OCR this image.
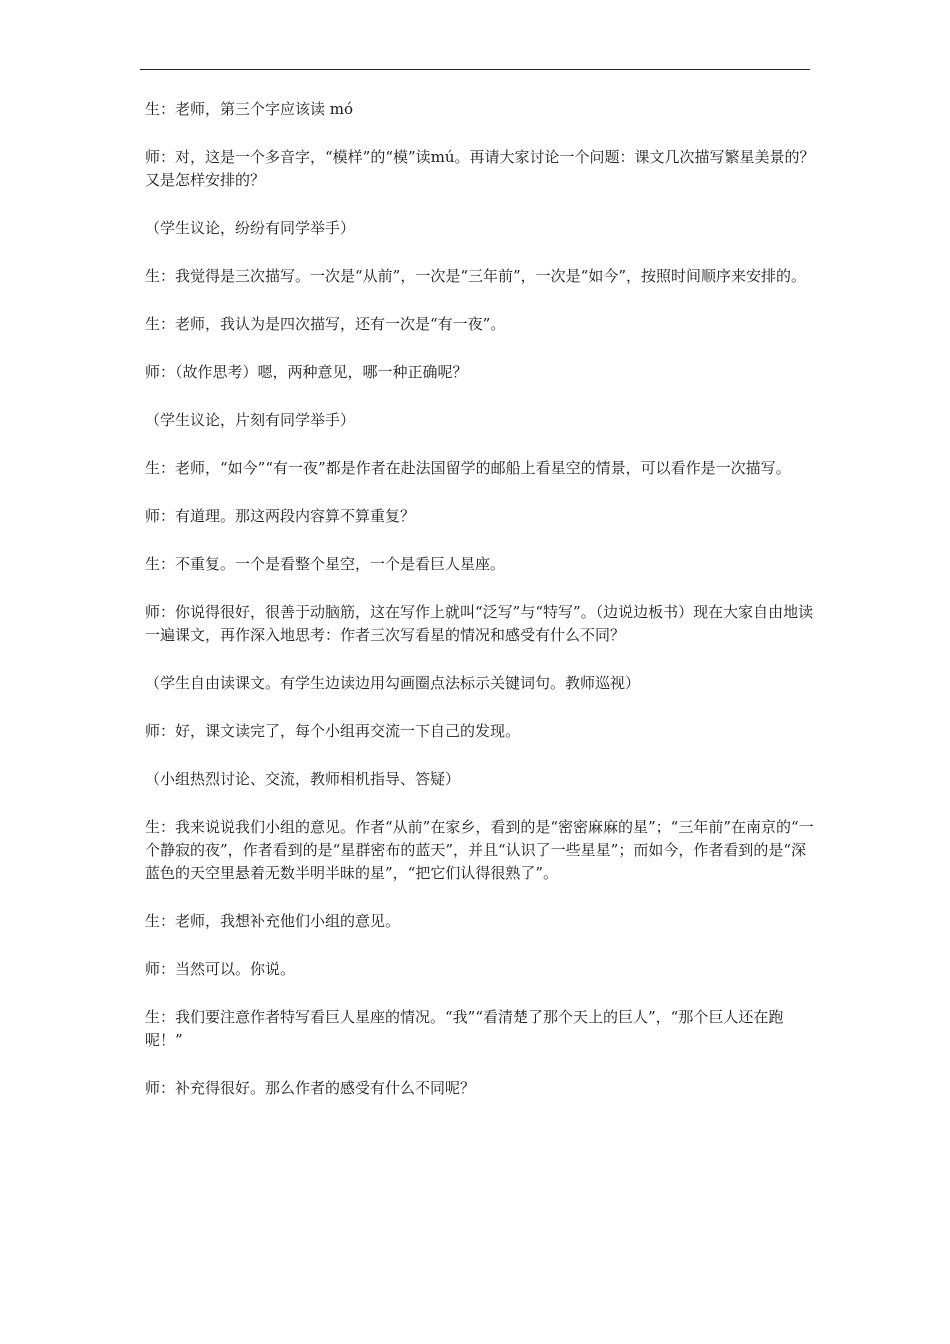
生：老师，第三个字应该读 mó

师：对，这是一个多音字，“模样”的“模”读mú。再请大家讨论一个问题：课文几次描写繁星美景的？又是怎样安排的？

（学生议论，纷纷有同学举手）

生：我觉得是三次描写。一次是“从前”，一次是“三年前”，一次是“如今”，按照时间顺序来安排的。

生：老师，我认为是四次描写，还有一次是“有一夜”。

师：（故作思考）嗯，两种意见，哪一种正确呢？

（学生议论，片刻有同学举手）

生：老师，“如今”“有一夜”都是作者在赴法国留学的邮船上看星空的情景，可以看作是一次描写。

师：有道理。那这两段内容算不算重复？

生：不重复。一个是看整个星空，一个是看巨人星座。

师：你说得很好，很善于动脑筋，这在写作上就叫“泛写”与“特写”。（边说边板书）现在大家自由地读一遍课文，再作深入地思考：作者三次写看星的情况和感受有什么不同？

（学生自由读课文。有学生边读边用勾画圈点法标示关键词句。教师巡视）

师：好，课文读完了，每个小组再交流一下自己的发现。

（小组热烈讨论、交流，教师相机指导、答疑）

生：我来说说我们小组的意见。作者“从前”在家乡，看到的是“密密麻麻的星”；“三年前”在南京的“一个静寂的夜”，作者看到的是“星群密布的蓝天”，并且“认识了一些星星”；而如今，作者看到的是“深蓝色的天空里悬着无数半明半昧的星”，“把它们认得很熟了”。

生：老师，我想补充他们小组的意见。

师：当然可以。你说。

生：我们要注意作者特写看巨人星座的情况。“我”“看清楚了那个天上的巨人”，“那个巨人还在跑呢！”

师：补充得很好。那么作者的感受有什么不同呢？
